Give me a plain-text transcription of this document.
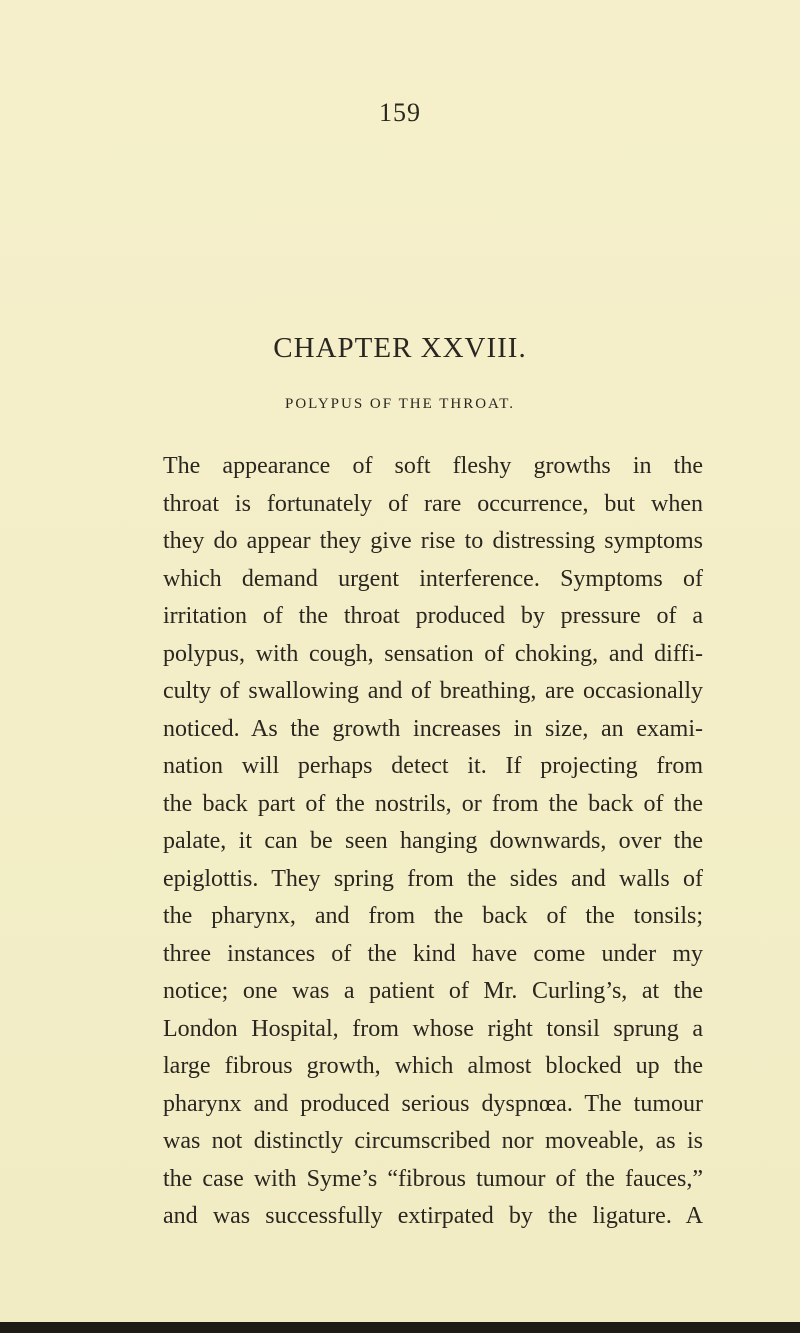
159
CHAPTER XXVIII.
POLYPUS OF THE THROAT.
The appearance of soft fleshy growths in the
throat is fortunately of rare occurrence, but when
they do appear they give rise to distressing symptoms
which demand urgent interference. Symptoms of
irritation of the throat produced by pressure of a
polypus, with cough, sensation of choking, and diffi-
culty of swallowing and of breathing, are occasionally
noticed. As the growth increases in size, an exami-
nation will perhaps detect it. If projecting from
the back part of the nostrils, or from the back of the
palate, it can be seen hanging downwards, over the
epiglottis. They spring from the sides and walls of
the pharynx, and from the back of the tonsils;
three instances of the kind have come under my
notice; one was a patient of Mr. Curling’s, at the
London Hospital, from whose right tonsil sprung a
large fibrous growth, which almost blocked up the
pharynx and produced serious dyspnœa. The tumour
was not distinctly circumscribed nor moveable, as is
the case with Syme’s “fibrous tumour of the fauces,”
and was successfully extirpated by the ligature. A
